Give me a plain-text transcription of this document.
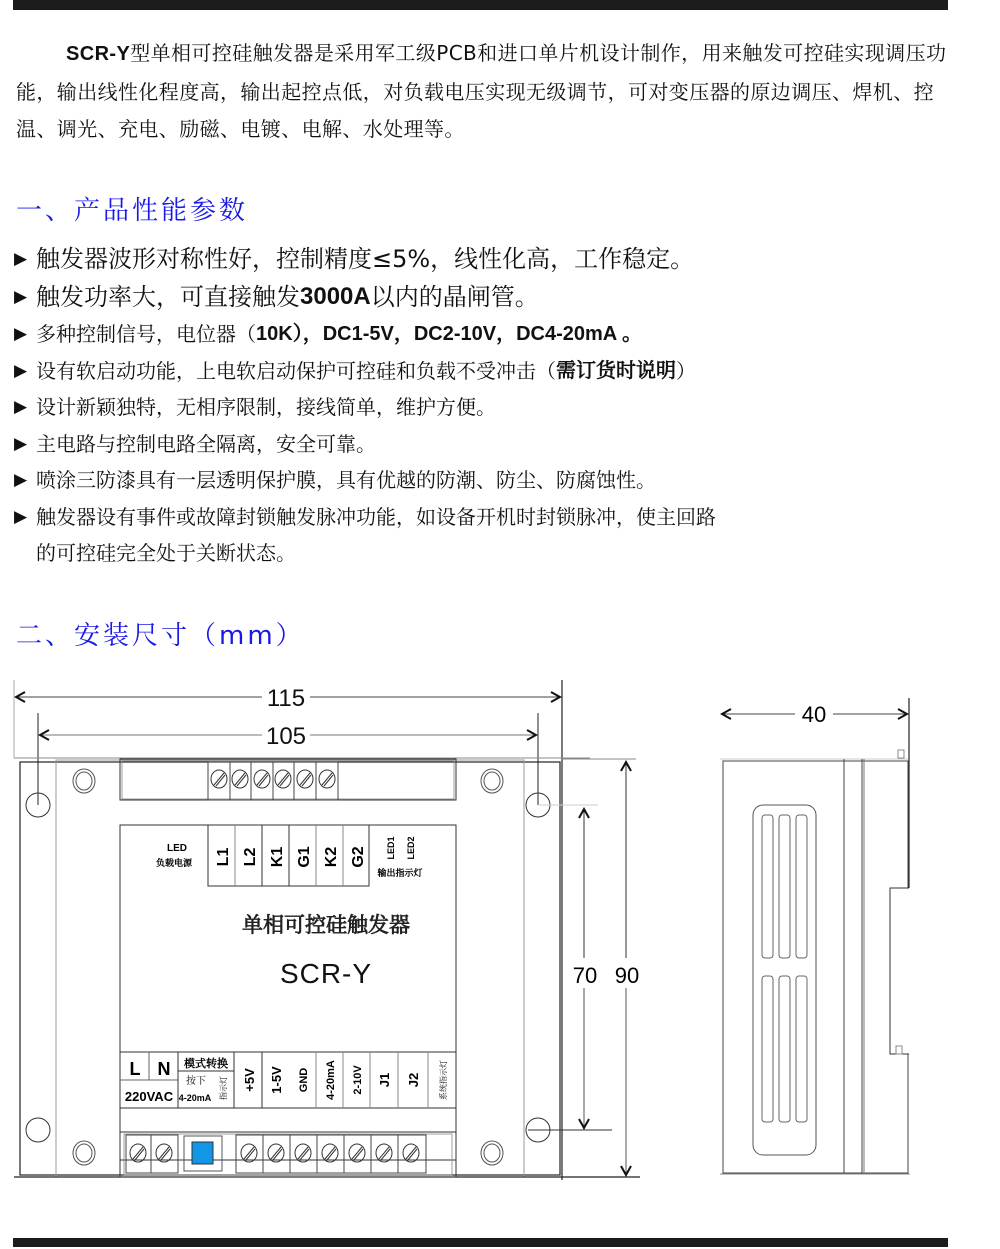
SCR-Y型单相可控硅触发器是采用军工级PCB和进口单片机设计制作，用来触发可控硅实现调压功能，输出线性化程度高，输出起控点低，对负载电压实现无级调节，可对变压器的原边调压、焊机、控温、调光、充电、励磁、电镀、电解、水处理等。

一、产品性能参数
▶ 触发器波形对称性好，控制精度≤5%，线性化高，工作稳定。
▶ 触发功率大，可直接触发 3000A 以内的晶闸管。
▶ 多种控制信号，电位器（ 10K ），DC1-5V，DC2-10V，DC4-20mA 。
▶ 设有软启动功能，上电软启动保护可控硅和负载不受冲击（ 需订货时说明 ）
▶ 设计新颖独特，无相序限制，接线简单，维护方便。
▶ 主电路与控制电路全隔离，安全可靠。
▶ 喷涂三防漆具有一层透明保护膜，具有优越的防潮、防尘、防腐蚀性。
▶ 触发器设有事件或故障封锁触发脉冲功能，如设备开机时封锁脉冲，使主回路
的可控硅完全处于关断状态。
二、安装尺寸（mm）
115
105
LED
负载电源 L1 L2 K1 G1 K2 G2 LED1 LED2
输出指示灯
单相可控硅触发器
SCR-Y
L N
220VAC
模式转换
按下
4-20mA 指示灯 +5V 1-5V GND 4-20mA 2-10V J1 J2 系统指示灯
70 90
40
